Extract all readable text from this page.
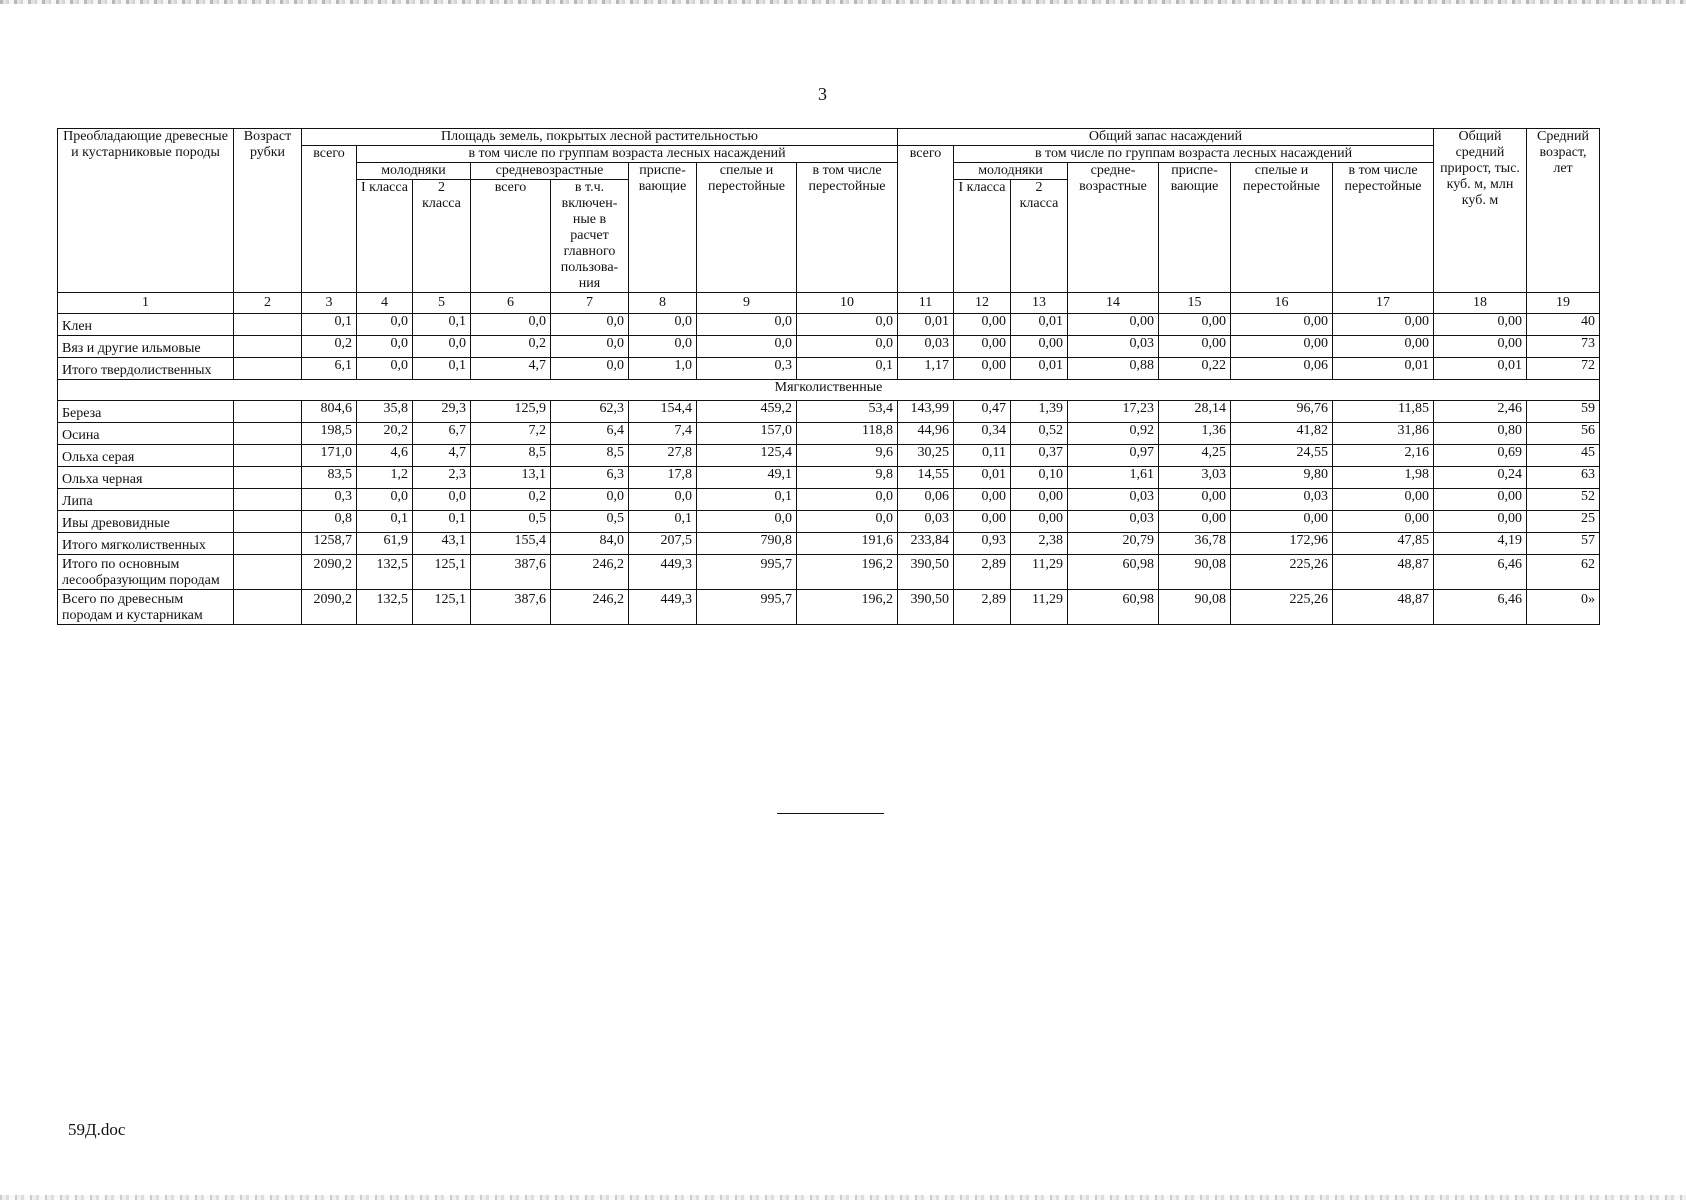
3
Преобладающие древесные и кустарниковые породы	Возраст рубки	Площадь земель, покрытых лесной растительностью								Общий запас насаждений							Общий средний прирост, тыс. куб. м, млн куб. м	Средний возраст, лет
		всего	в том числе по группам возраста лесных насаждений							всего	в том числе по группам возраста лесных насаждений							
			молодняки		средневозрастные		приспе-вающие	спелые и перестойные	в том числе перестойные		молодняки		средне-возрастные	приспе-вающие	спелые и перестойные	в том числе перестойные		
			I класса	2 класса	всего	в т.ч. включен-ные в расчет главного пользова-ния					I класса	2 класса						
1	2	3	4	5	6	7	8	9	10	11	12	13	14	15	16	17	18	19
Клен		0,1	0,0	0,1	0,0	0,0	0,0	0,0	0,0	0,01	0,00	0,01	0,00	0,00	0,00	0,00	0,00	40
Вяз и другие ильмовые		0,2	0,0	0,0	0,2	0,0	0,0	0,0	0,0	0,03	0,00	0,00	0,03	0,00	0,00	0,00	0,00	73
Итого твердолиственных		6,1	0,0	0,1	4,7	0,0	1,0	0,3	0,1	1,17	0,00	0,01	0,88	0,22	0,06	0,01	0,01	72
Мягколиственные																		
Береза		804,6	35,8	29,3	125,9	62,3	154,4	459,2	53,4	143,99	0,47	1,39	17,23	28,14	96,76	11,85	2,46	59
Осина		198,5	20,2	6,7	7,2	6,4	7,4	157,0	118,8	44,96	0,34	0,52	0,92	1,36	41,82	31,86	0,80	56
Ольха серая		171,0	4,6	4,7	8,5	8,5	27,8	125,4	9,6	30,25	0,11	0,37	0,97	4,25	24,55	2,16	0,69	45
Ольха черная		83,5	1,2	2,3	13,1	6,3	17,8	49,1	9,8	14,55	0,01	0,10	1,61	3,03	9,80	1,98	0,24	63
Липа		0,3	0,0	0,0	0,2	0,0	0,0	0,1	0,0	0,06	0,00	0,00	0,03	0,00	0,03	0,00	0,00	52
Ивы древовидные		0,8	0,1	0,1	0,5	0,5	0,1	0,0	0,0	0,03	0,00	0,00	0,03	0,00	0,00	0,00	0,00	25
Итого мягколиственных		1258,7	61,9	43,1	155,4	84,0	207,5	790,8	191,6	233,84	0,93	2,38	20,79	36,78	172,96	47,85	4,19	57
Итого по основным лесообразующим породам		2090,2	132,5	125,1	387,6	246,2	449,3	995,7	196,2	390,50	2,89	11,29	60,98	90,08	225,26	48,87	6,46	62
Всего по древесным породам и кустарникам		2090,2	132,5	125,1	387,6	246,2	449,3	995,7	196,2	390,50	2,89	11,29	60,98	90,08	225,26	48,87	6,46	0»
59Д.doc
